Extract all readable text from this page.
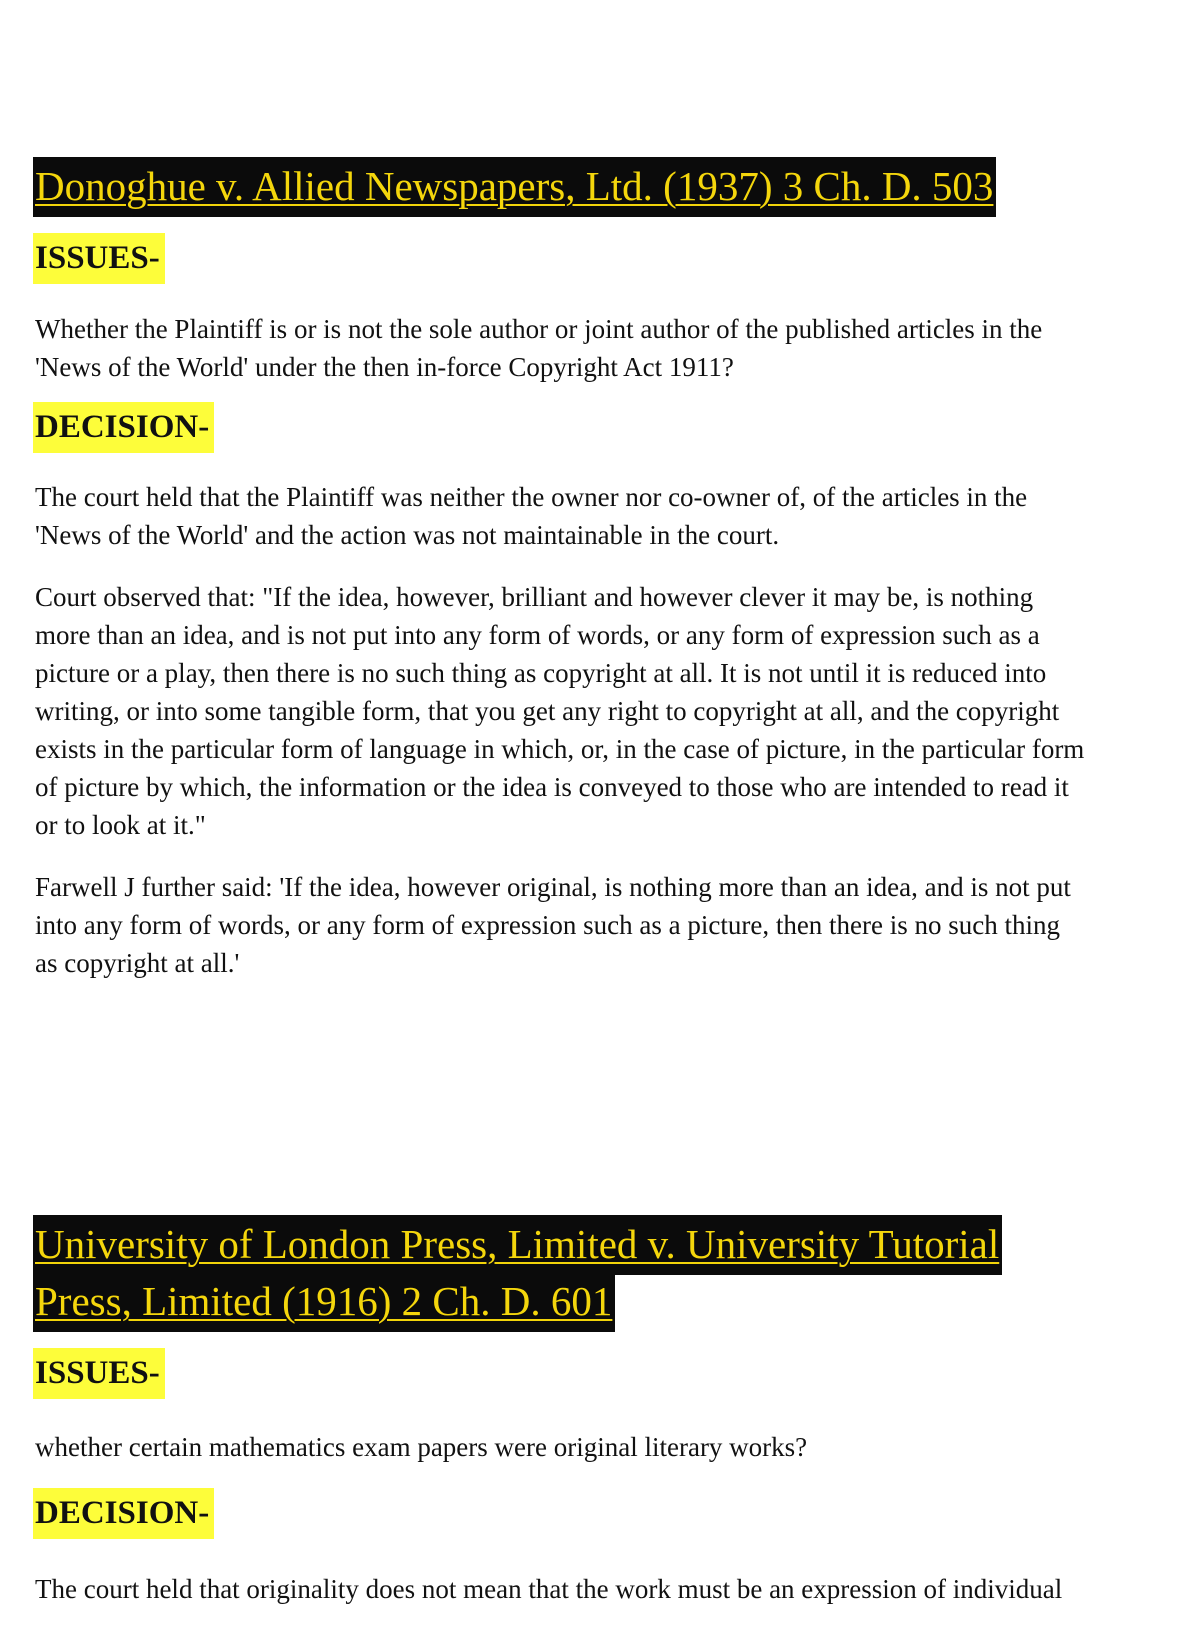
Donoghue v. Allied Newspapers, Ltd. (1937) 3 Ch. D. 503
ISSUES-

Whether the Plaintiff is or is not the sole author or joint author of the published articles in the
'News of the World' under the then in-force Copyright Act 1911?

DECISION-

The court held that the Plaintiff was neither the owner nor co-owner of, of the articles in the
'News of the World' and the action was not maintainable in the court.

Court observed that: "If the idea, however, brilliant and however clever it may be, is nothing
more than an idea, and is not put into any form of words, or any form of expression such as a
picture or a play, then there is no such thing as copyright at all. It is not until it is reduced into
writing, or into some tangible form, that you get any right to copyright at all, and the copyright
exists in the particular form of language in which, or, in the case of picture, in the particular form
of picture by which, the information or the idea is conveyed to those who are intended to read it
or to look at it."

Farwell J further said: 'If the idea, however original, is nothing more than an idea, and is not put
into any form of words, or any form of expression such as a picture, then there is no such thing
as copyright at all.'

University of London Press, Limited v. University Tutorial
Press, Limited (1916) 2 Ch. D. 601
ISSUES-

whether certain mathematics exam papers were original literary works?

DECISION-

The court held that originality does not mean that the work must be an expression of individual
